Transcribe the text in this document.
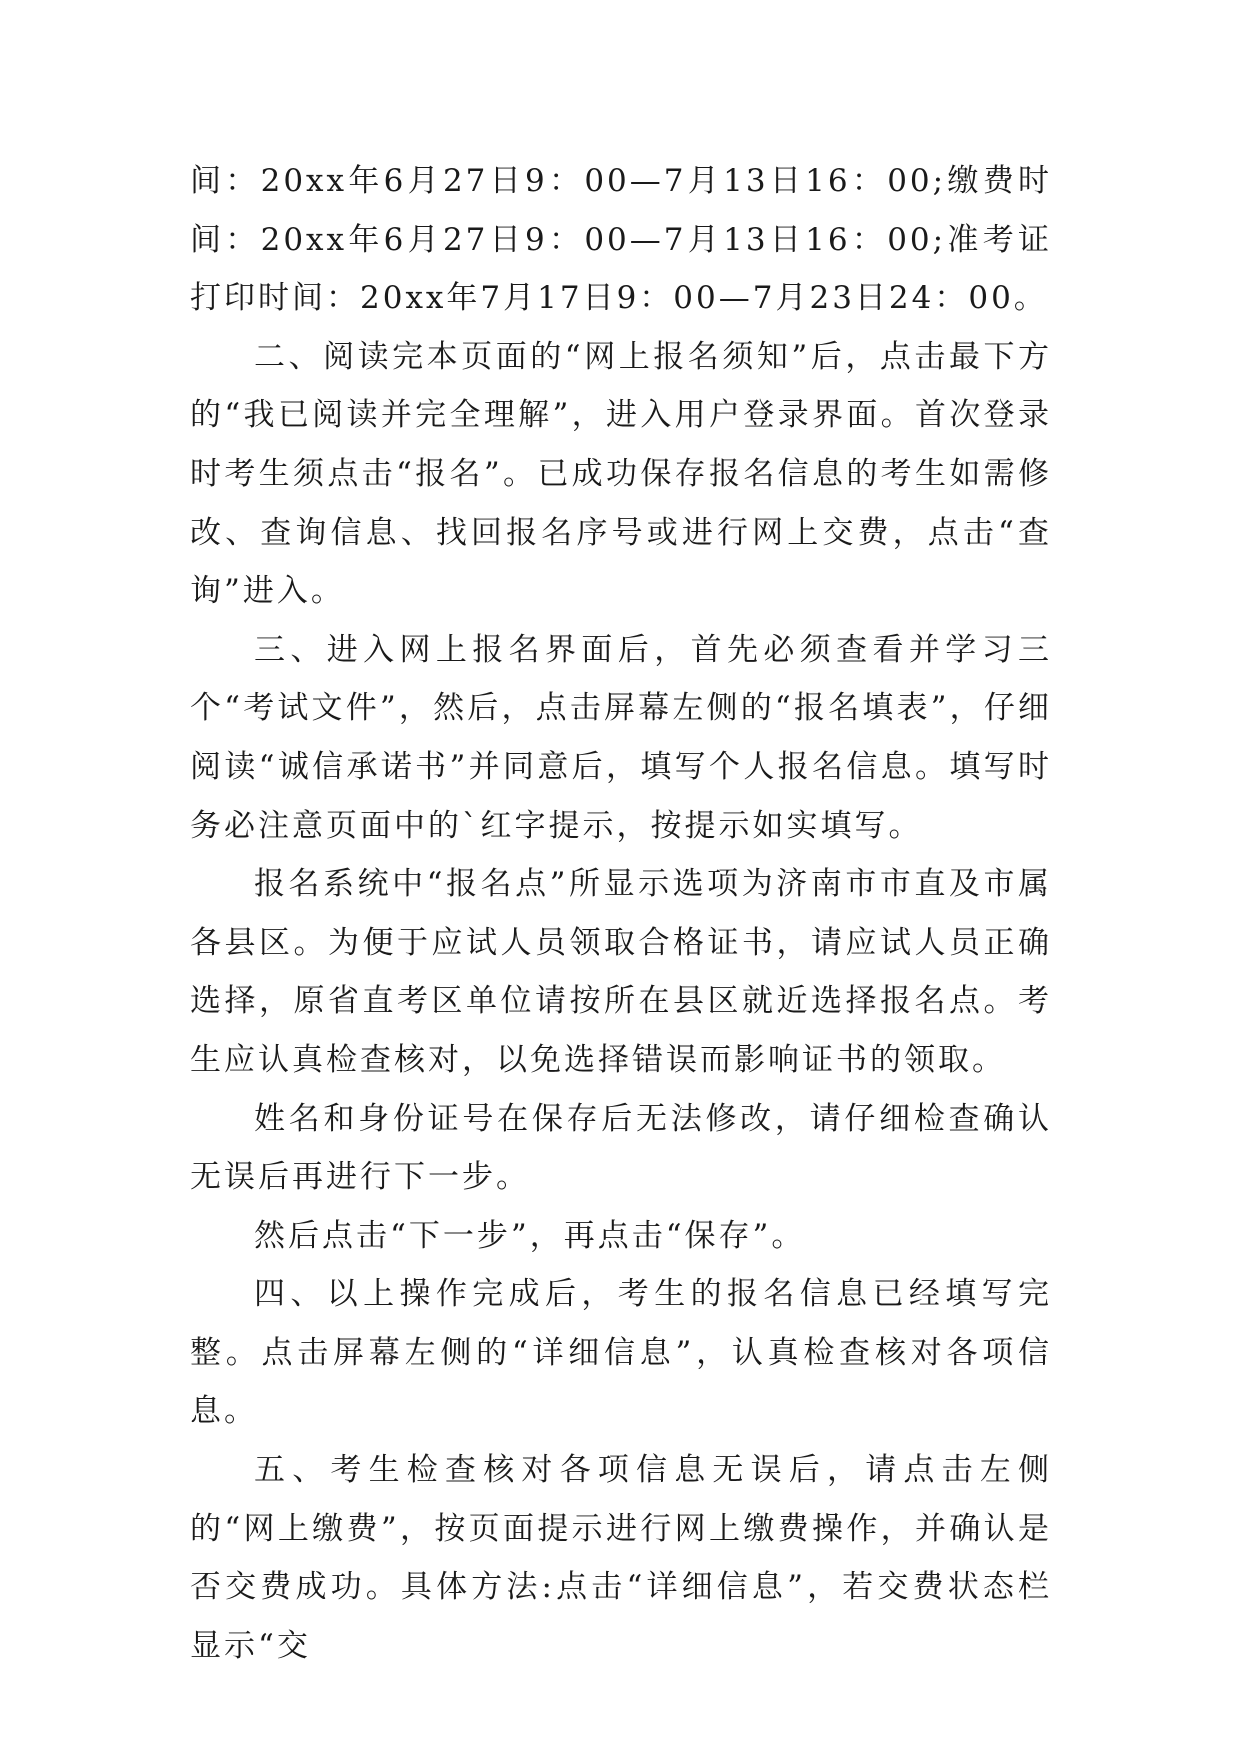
间：20xx年6月27日9：00—7月13日16：00;缴费时间：20xx年6月27日9：00—7月13日16：00;准考证打印时间：20xx年7月17日9：00—7月23日24：00。

二、阅读完本页面的“网上报名须知”后，点击最下方的“我已阅读并完全理解”，进入用户登录界面。首次登录时考生须点击“报名”。已成功保存报名信息的考生如需修改、查询信息、找回报名序号或进行网上交费，点击“查询”进入。

三、进入网上报名界面后，首先必须查看并学习三个“考试文件”，然后，点击屏幕左侧的“报名填表”，仔细阅读“诚信承诺书”并同意后，填写个人报名信息。填写时务必注意页面中的`红字提示，按提示如实填写。

报名系统中“报名点”所显示选项为济南市市直及市属各县区。为便于应试人员领取合格证书，请应试人员正确选择，原省直考区单位请按所在县区就近选择报名点。考生应认真检查核对，以免选择错误而影响证书的领取。

姓名和身份证号在保存后无法修改，请仔细检查确认无误后再进行下一步。

然后点击“下一步”，再点击“保存”。

四、以上操作完成后，考生的报名信息已经填写完整。点击屏幕左侧的“详细信息”，认真检查核对各项信息。

五、考生检查核对各项信息无误后，请点击左侧的“网上缴费”，按页面提示进行网上缴费操作，并确认是否交费成功。具体方法:点击“详细信息”，若交费状态栏显示“交
